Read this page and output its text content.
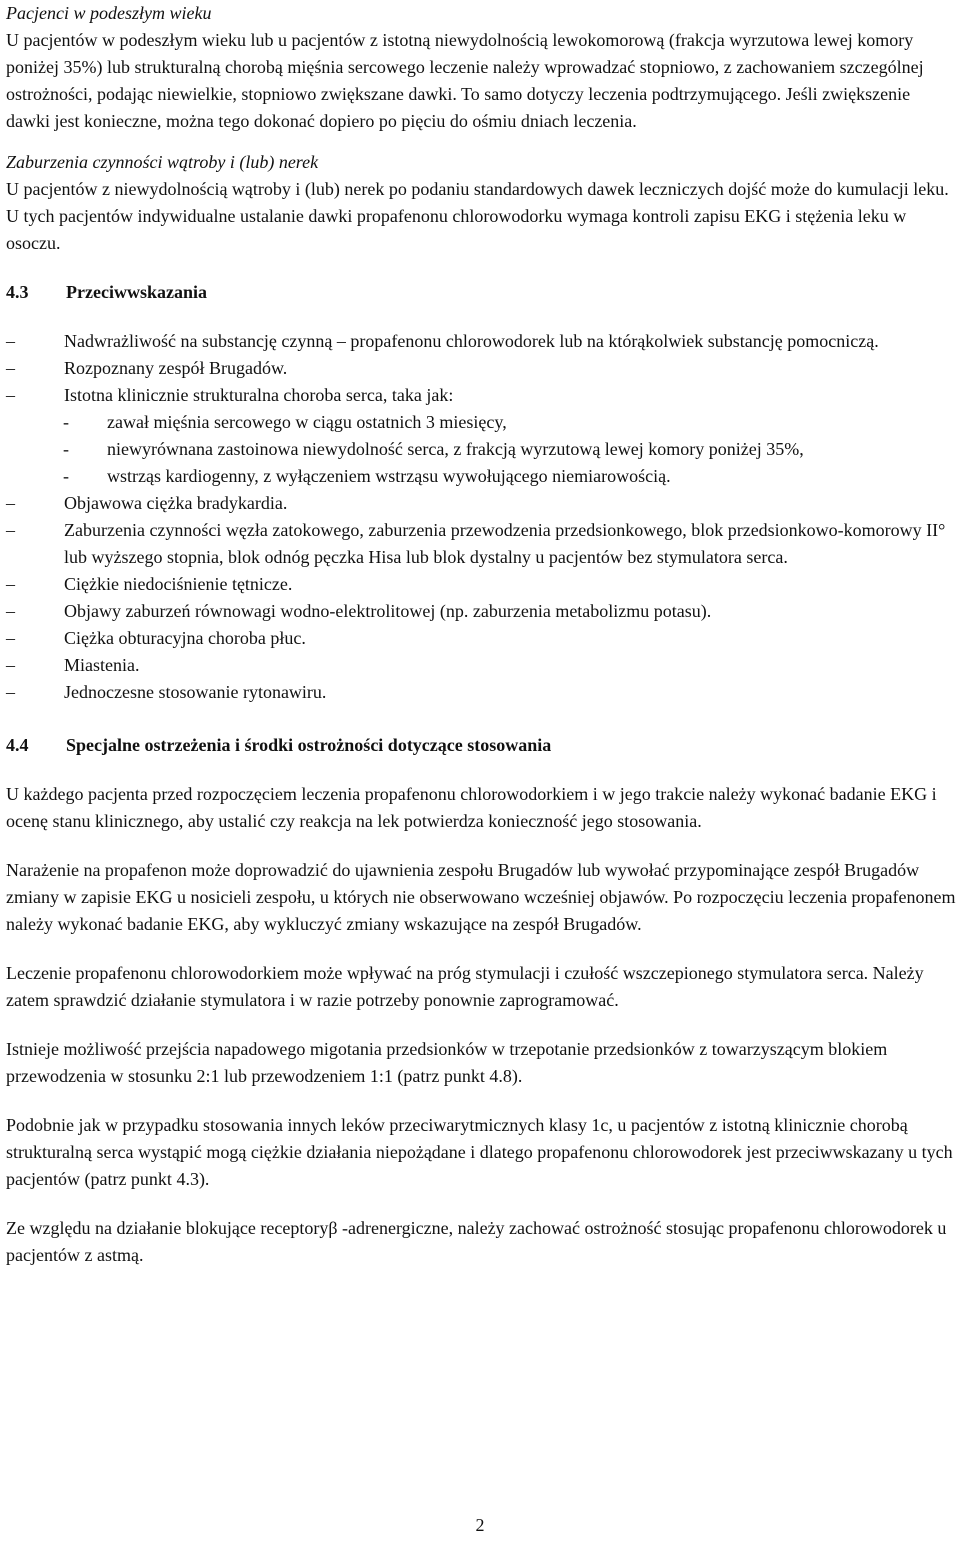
Pacjenci w podeszłym wieku

U pacjentów w podeszłym wieku lub u pacjentów z istotną niewydolnością lewokomorową (frakcja wyrzutowa lewej komory poniżej 35%) lub strukturalną chorobą mięśnia sercowego leczenie należy wprowadzać stopniowo, z zachowaniem szczególnej ostrożności, podając niewielkie, stopniowo zwiększane dawki. To samo dotyczy leczenia podtrzymującego. Jeśli zwiększenie dawki jest konieczne, można tego dokonać dopiero po pięciu do ośmiu dniach leczenia.

Zaburzenia czynności wątroby i (lub) nerek

U pacjentów z niewydolnością wątroby i (lub) nerek po podaniu standardowych dawek leczniczych dojść może do kumulacji leku. U tych pacjentów indywidualne ustalanie dawki propafenonu chlorowodorku wymaga kontroli zapisu EKG i stężenia leku w osoczu.

4.3	Przeciwwskazania
–	Nadwrażliwość na substancję czynną – propafenonu chlorowodorek lub na którąkolwiek substancję pomocniczą.
–	Rozpoznany zespół Brugadów.
–	Istotna klinicznie strukturalna choroba serca, taka jak:
- zawał mięśnia sercowego w ciągu ostatnich 3 miesięcy,
- niewyrównana zastoinowa niewydolność serca, z frakcją wyrzutową lewej komory poniżej 35%,
- wstrząs kardiogenny, z wyłączeniem wstrząsu wywołującego niemiarowością.
–	Objawowa ciężka bradykardia.
–	Zaburzenia czynności węzła zatokowego, zaburzenia przewodzenia przedsionkowego, blok przedsionkowo-komorowy II° lub wyższego stopnia, blok odnóg pęczka Hisa lub blok dystalny u pacjentów bez stymulatora serca.
–	Ciężkie niedociśnienie tętnicze.
–	Objawy zaburzeń równowagi wodno-elektrolitowej (np. zaburzenia metabolizmu potasu).
–	Ciężka obturacyjna choroba płuc.
–	Miastenia.
–	Jednoczesne stosowanie rytonawiru.
4.4	Specjalne ostrzeżenia i środki ostrożności dotyczące stosowania

U każdego pacjenta przed rozpoczęciem leczenia propafenonu chlorowodorkiem i w jego trakcie należy wykonać badanie EKG i ocenę stanu klinicznego, aby ustalić czy reakcja na lek potwierdza konieczność jego stosowania.

Narażenie na propafenon może doprowadzić do ujawnienia zespołu Brugadów lub wywołać przypominające zespół Brugadów zmiany w zapisie EKG u nosicieli zespołu, u których nie obserwowano wcześniej objawów. Po rozpoczęciu leczenia propafenonem należy wykonać badanie EKG, aby wykluczyć zmiany wskazujące na zespół Brugadów.

Leczenie propafenonu chlorowodorkiem może wpływać na próg stymulacji i czułość wszczepionego stymulatora serca. Należy zatem sprawdzić działanie stymulatora i w razie potrzeby ponownie zaprogramować.

Istnieje możliwość przejścia napadowego migotania przedsionków w trzepotanie przedsionków z towarzyszącym blokiem przewodzenia w stosunku 2:1 lub przewodzeniem 1:1 (patrz punkt 4.8).

Podobnie jak w przypadku stosowania innych leków przeciwarytmicznych klasy 1c, u pacjentów z istotną klinicznie chorobą strukturalną serca wystąpić mogą ciężkie działania niepożądane i dlatego propafenonu chlorowodorek jest przeciwwskazany u tych pacjentów (patrz punkt 4.3).

Ze względu na działanie blokujące receptoryβ -adrenergiczne, należy zachować ostrożność stosując propafenonu chlorowodorek u pacjentów z astmą.

2
